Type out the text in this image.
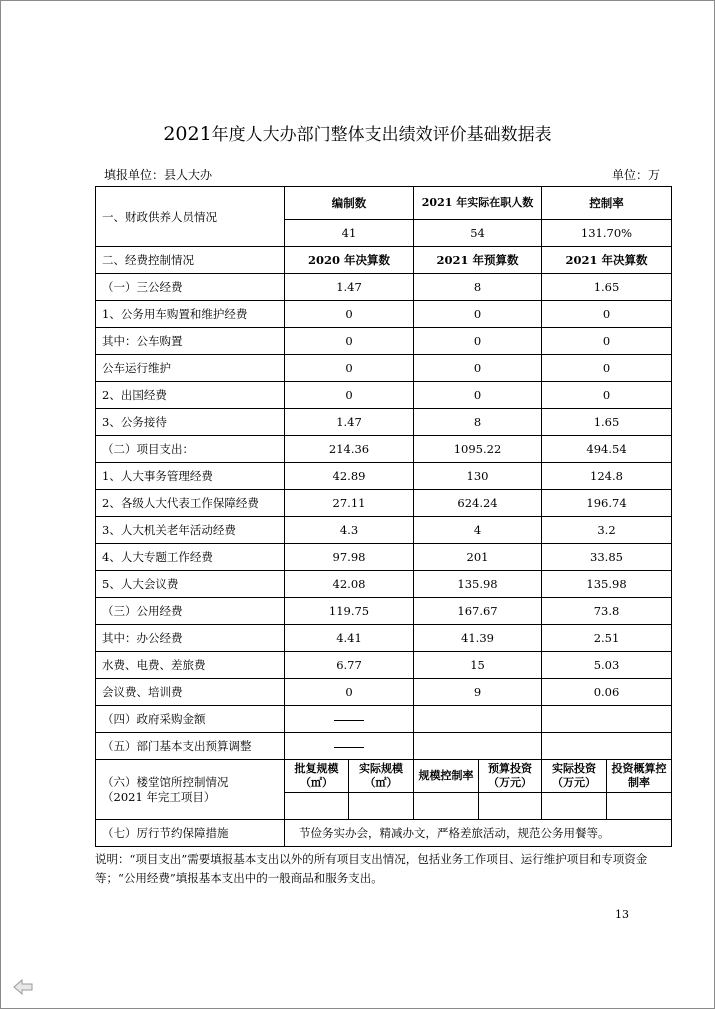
2021年度人大办部门整体支出绩效评价基础数据表
填报单位：县人大办	单位：万
一、财政供养人员情况	编制数		2021 年实际在职人数		控制率	
	41		54		131.70%	
二、经费控制情况	2020 年决算数		2021 年预算数		2021 年决算数	
（一）三公经费	1.47		8		1.65	
1、公务用车购置和维护经费	0		0		0	
其中：公车购置	0		0		0	
公车运行维护	0		0		0	
2、出国经费	0		0		0	
3、公务接待	1.47		8		1.65	
（二）项目支出：	214.36		1095.22		494.54	
1、人大事务管理经费	42.89		130		124.8	
2、各级人大代表工作保障经费	27.11		624.24		196.74	
3、人大机关老年活动经费	4.3		4		3.2	
4、人大专题工作经费	97.98		201		33.85	
5、人大会议费	42.08		135.98		135.98	
（三）公用经费	119.75		167.67		73.8	
其中：办公经费	4.41		41.39		2.51	
水费、电费、差旅费	6.77		15		5.03	
会议费、培训费	0		9		0.06	
（四）政府采购金额						
（五）部门基本支出预算调整						
（六）楼堂馆所控制情况
（2021 年完工项目）	批复规模（㎡）	实际规模（㎡）	规模控制率	预算投资（万元）	实际投资（万元）	投资概算控制率

（七）厉行节约保障措施	节俭务实办会，精减办文，严格差旅活动，规范公务用餐等。					
说明：“项目支出”需要填报基本支出以外的所有项目支出情况，包括业务工作项目、运行维护项目和专项资金等；“公用经费”填报基本支出中的一般商品和服务支出。
13
